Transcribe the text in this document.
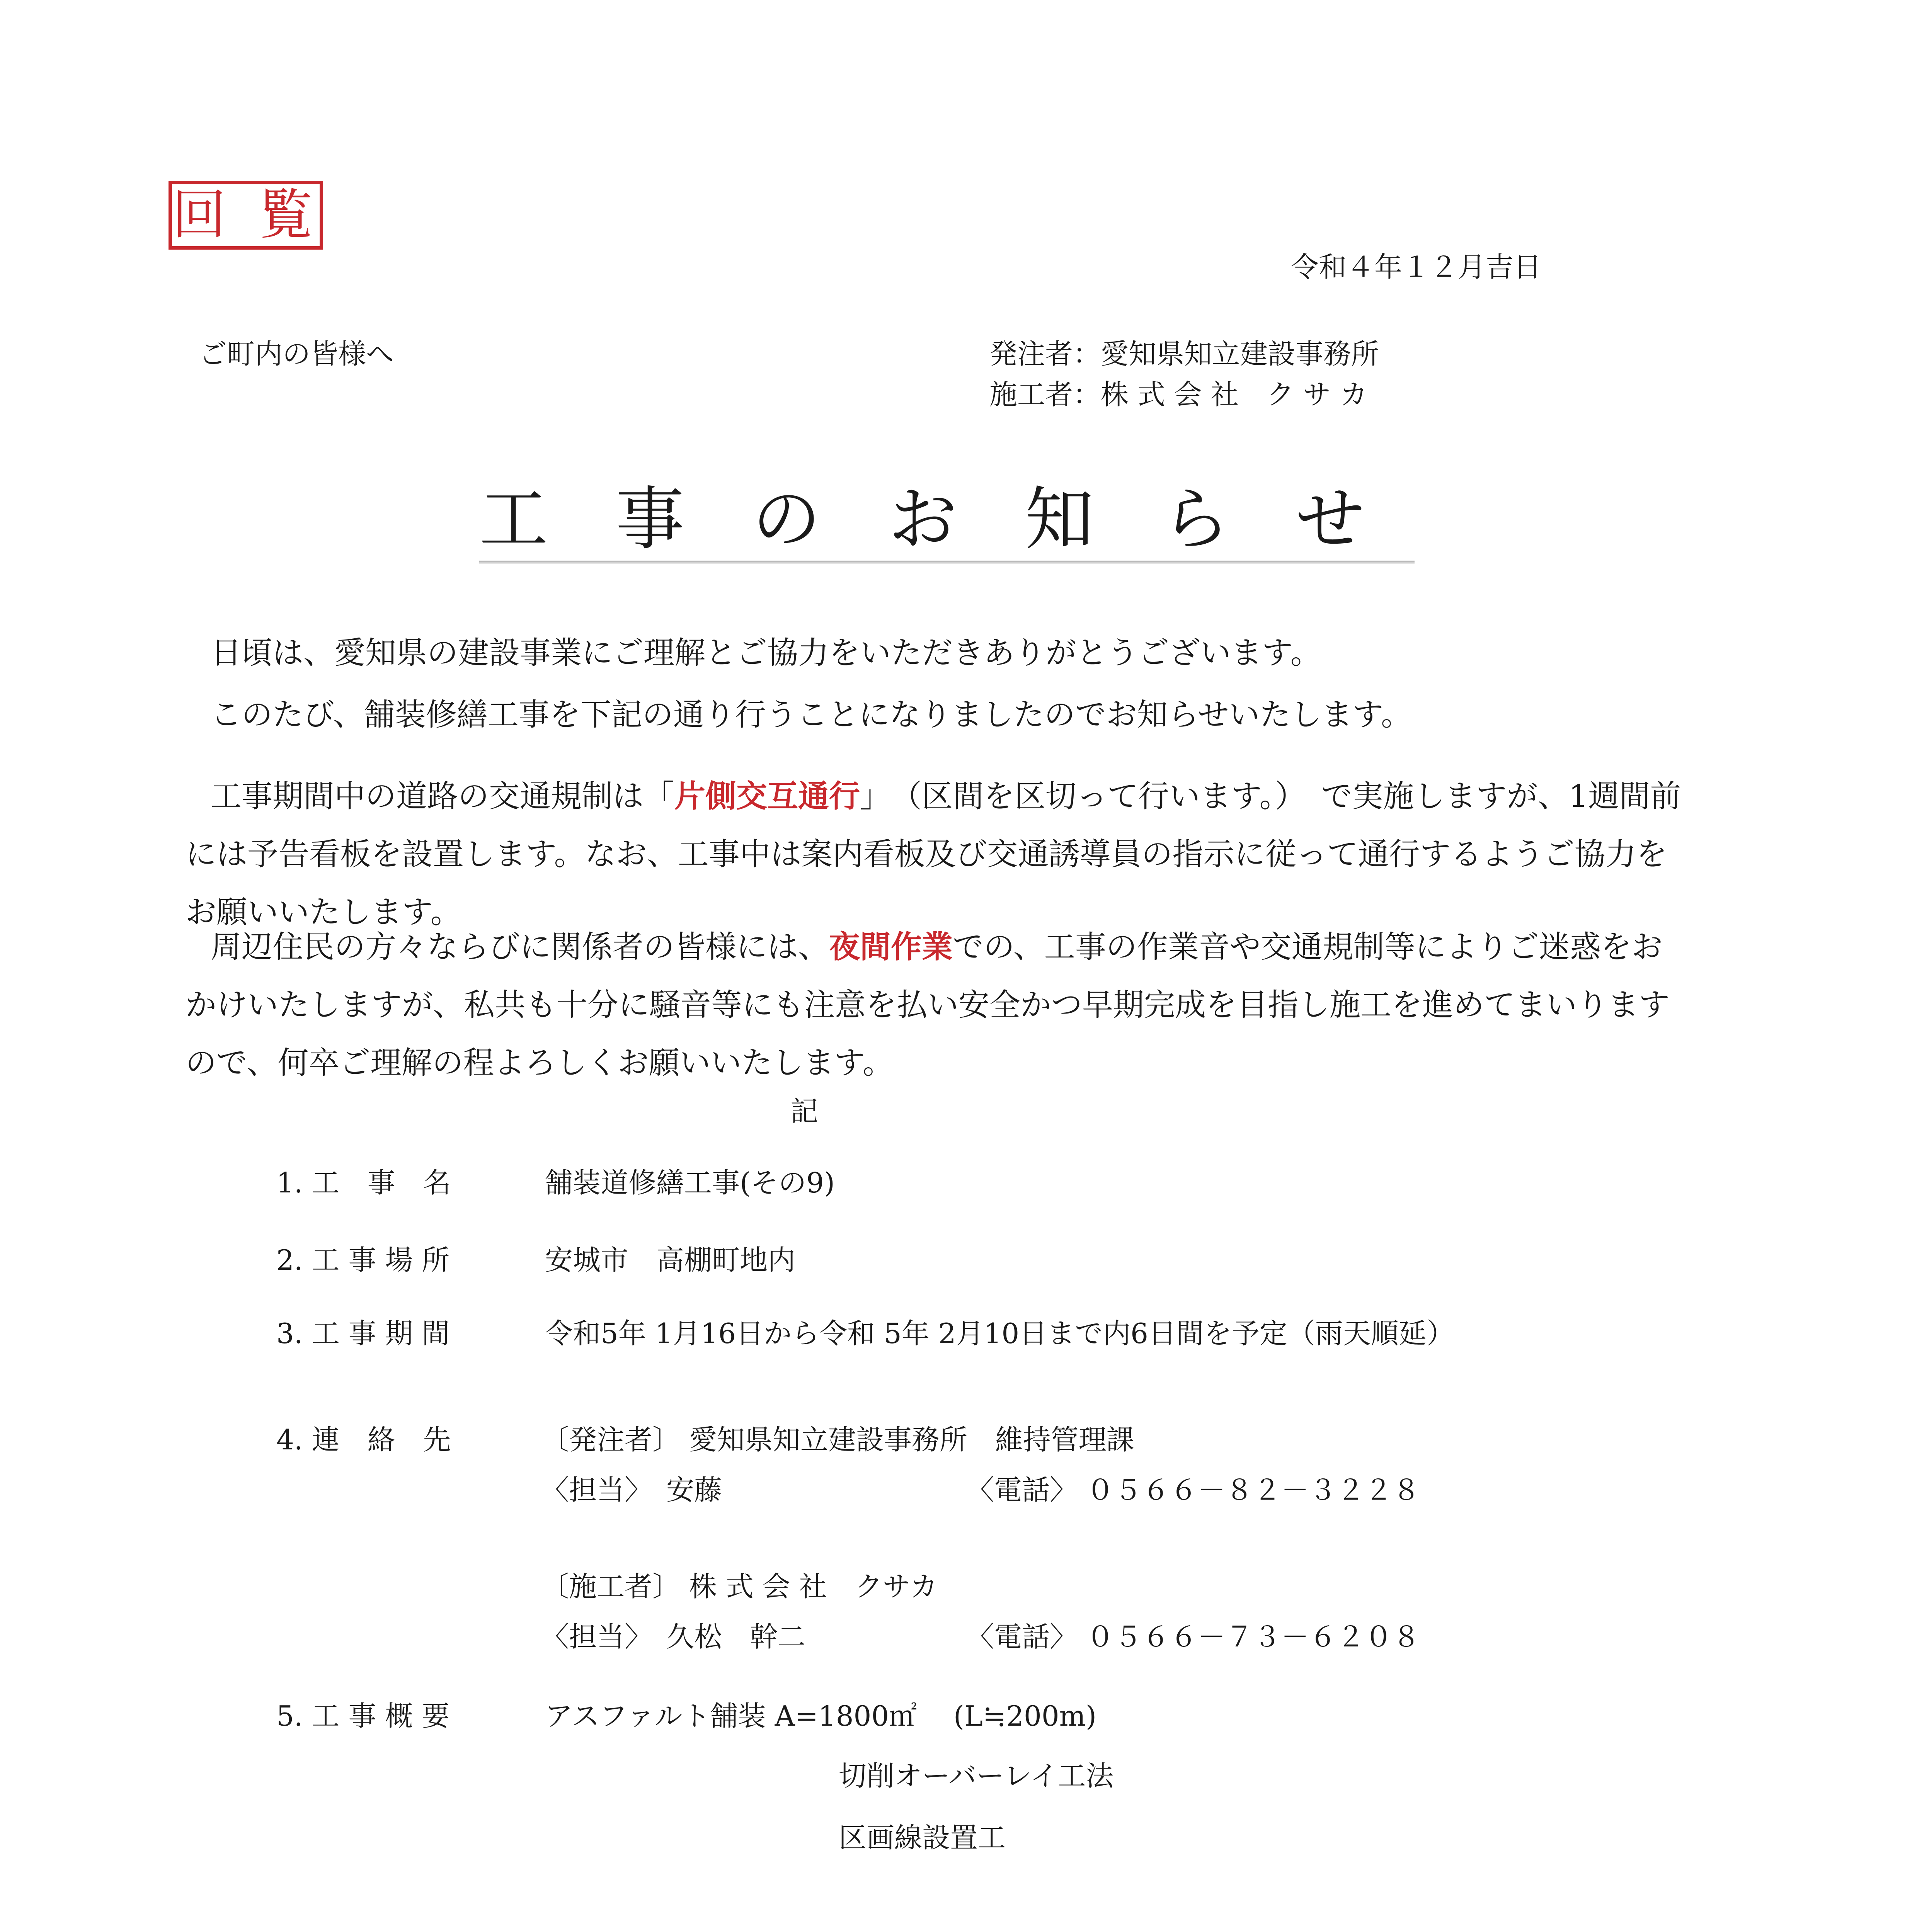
回 覧
令和４年１２月吉日
ご町内の皆様へ	発注者：愛知県知立建設事務所
施工者：株 式 会 社　ク サ カ
工事のお知らせ
日頃は、愛知県の建設事業にご理解とご協力をいただきありがとうございます。
このたび、舗装修繕工事を下記の通り行うことになりましたのでお知らせいたします。
工事期間中の道路の交通規制は「片側交互通行」　（区間を区切って行います。）　で実施しますが、1週間前には予告看板を設置します。なお、工事中は案内看板及び交通誘導員の指示に従って通行するようご協力をお願いいたします。
周辺住民の方々ならびに関係者の皆様には、夜間作業での、工事の作業音や交通規制等によりご迷惑をおかけいたしますが、私共も十分に騒音等にも注意を払い安全かつ早期完成を目指し施工を進めてまいりますので、何卒ご理解の程よろしくお願いいたします。
記
1. 工　事　名	舗装道修繕工事(その9)
2. 工 事 場 所	安城市　高棚町地内
3. 工 事 期 間	令和5年 1月16日から令和 5年 2月10日まで内6日間を予定（雨天順延）
4. 連　絡　先	〔発注者〕 愛知県知立建設事務所　維持管理課
〈担当〉　安藤	〈電話〉 ０５６６－８２－３２２８
〔施工者〕 株 式 会 社　クサカ
〈担当〉　久松　幹二	〈電話〉 ０５６６－７３－６２０８
5. 工 事 概 要	アスファルト舗装 A=1800㎡　 (L≒200m)
切削オーバーレイ工法
区画線設置工
